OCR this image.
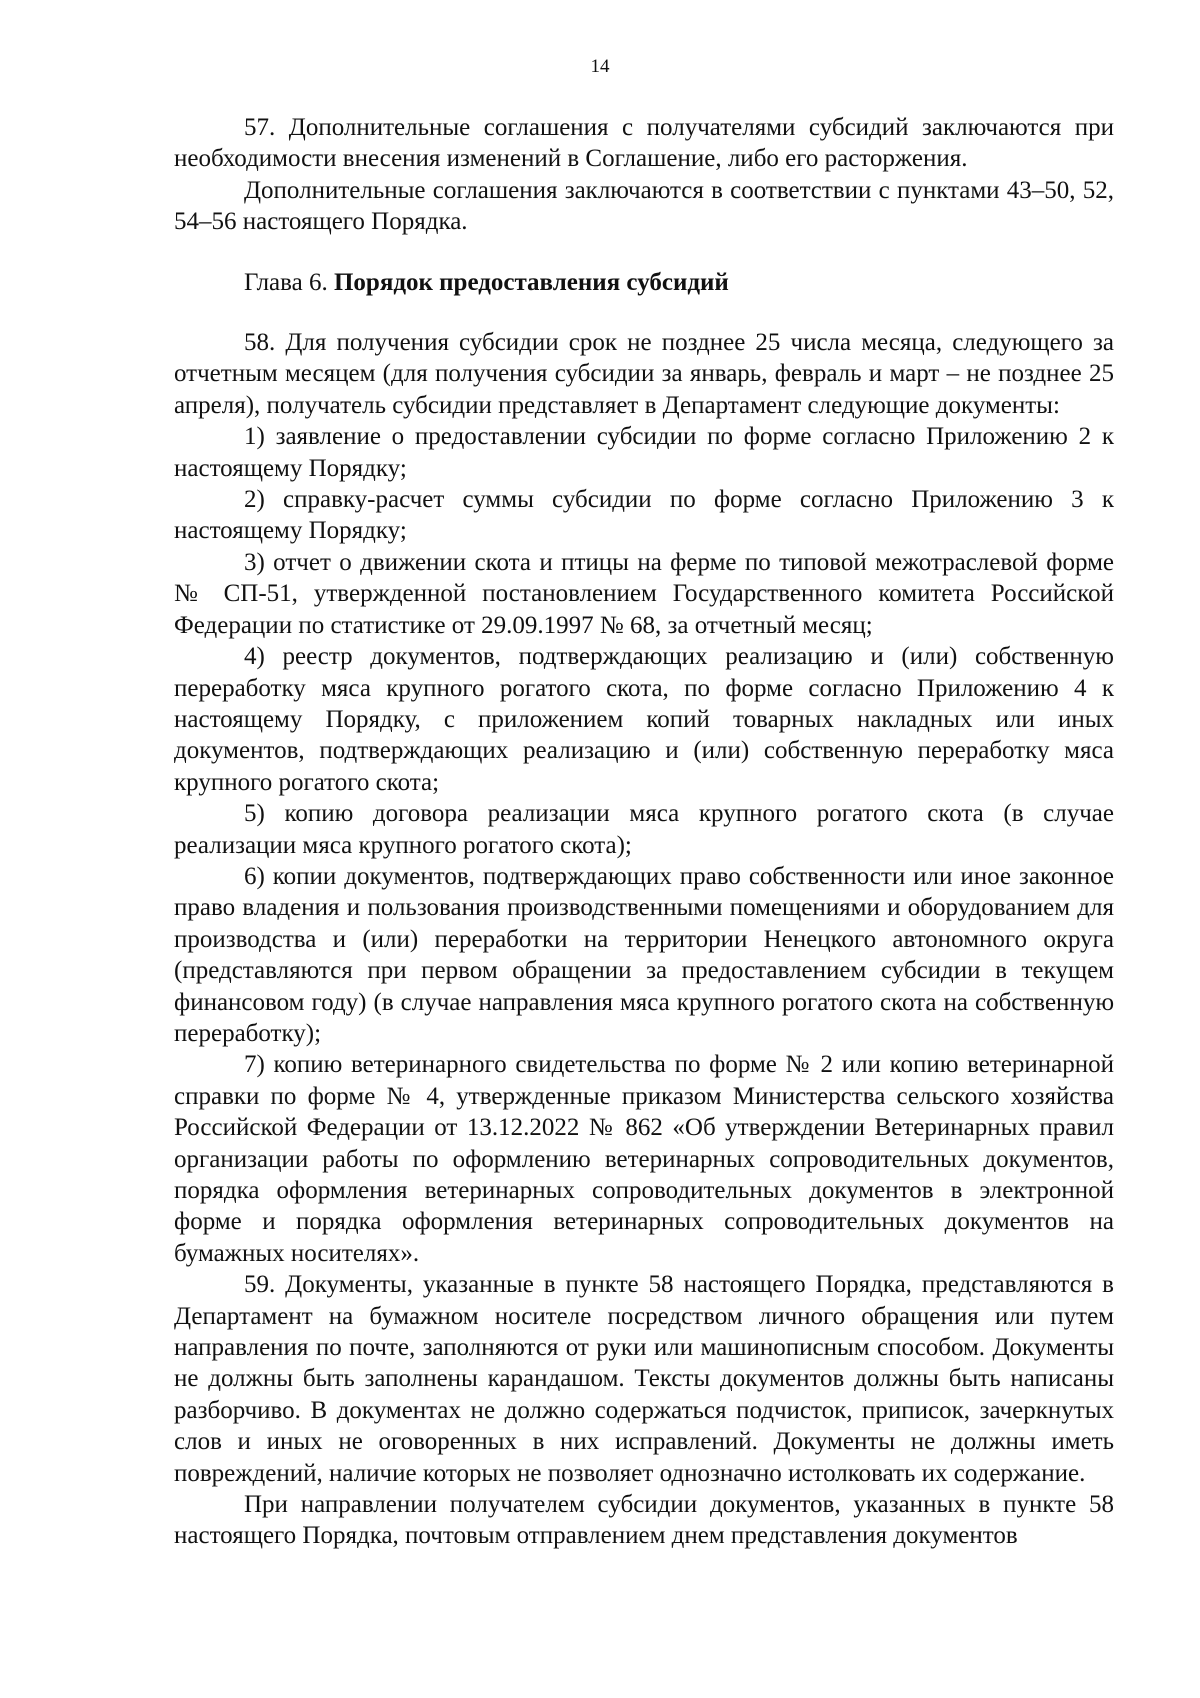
14

57. Дополнительные соглашения с получателями субсидий заключаются при необходимости внесения изменений в Соглашение, либо его расторжения.

Дополнительные соглашения заключаются в соответствии с пунктами 43–50, 52, 54–56 настоящего Порядка.

Глава 6. Порядок предоставления субсидий

58. Для получения субсидии срок не позднее 25 числа месяца, следующего за отчетным месяцем (для получения субсидии за январь, февраль и март – не позднее 25 апреля), получатель субсидии представляет в Департамент следующие документы:

1) заявление о предоставлении субсидии по форме согласно Приложению 2 к настоящему Порядку;

2) справку-расчет суммы субсидии по форме согласно Приложению 3 к настоящему Порядку;

3) отчет о движении скота и птицы на ферме по типовой межотраслевой форме № СП-51, утвержденной постановлением Государственного комитета Российской Федерации по статистике от 29.09.1997 № 68, за отчетный месяц;

4) реестр документов, подтверждающих реализацию и (или) собственную переработку мяса крупного рогатого скота, по форме согласно Приложению 4 к настоящему Порядку, с приложением копий товарных накладных или иных документов, подтверждающих реализацию и (или) собственную переработку мяса крупного рогатого скота;

5) копию договора реализации мяса крупного рогатого скота (в случае реализации мяса крупного рогатого скота);

6) копии документов, подтверждающих право собственности или иное законное право владения и пользования производственными помещениями и оборудованием для производства и (или) переработки на территории Ненецкого автономного округа (представляются при первом обращении за предоставлением субсидии в текущем финансовом году) (в случае направления мяса крупного рогатого скота на собственную переработку);

7) копию ветеринарного свидетельства по форме № 2 или копию ветеринарной справки по форме № 4, утвержденные приказом Министерства сельского хозяйства Российской Федерации от 13.12.2022 № 862 «Об утверждении Ветеринарных правил организации работы по оформлению ветеринарных сопроводительных документов, порядка оформления ветеринарных сопроводительных документов в электронной форме и порядка оформления ветеринарных сопроводительных документов на бумажных носителях».

59. Документы, указанные в пункте 58 настоящего Порядка, представляются в Департамент на бумажном носителе посредством личного обращения или путем направления по почте, заполняются от руки или машинописным способом. Документы не должны быть заполнены карандашом. Тексты документов должны быть написаны разборчиво. В документах не должно содержаться подчисток, приписок, зачеркнутых слов и иных не оговоренных в них исправлений. Документы не должны иметь повреждений, наличие которых не позволяет однозначно истолковать их содержание.

При направлении получателем субсидии документов, указанных в пункте 58 настоящего Порядка, почтовым отправлением днем представления документов
